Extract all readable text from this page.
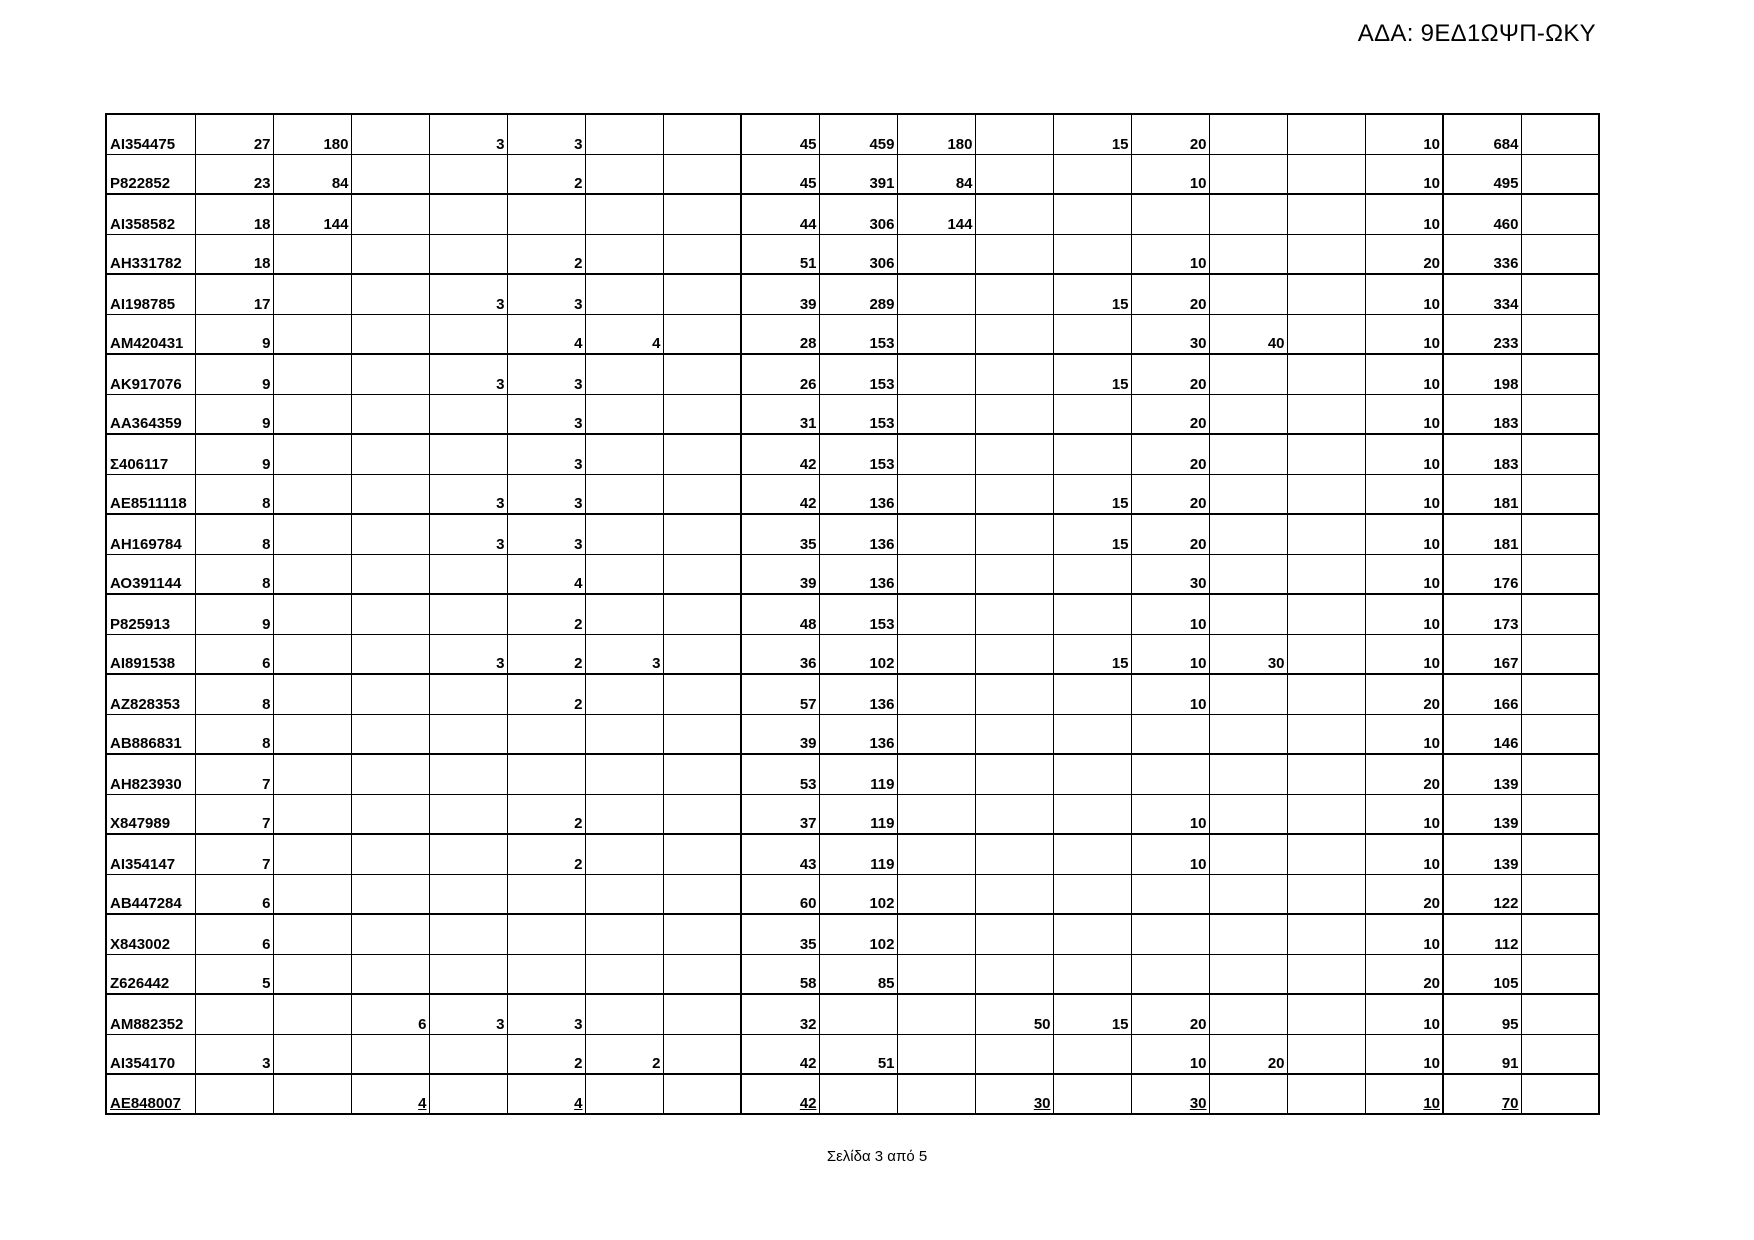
ΑΔΑ: 9ΕΔ1ΩΨΠ-ΩΚΥ
ΑΙ354475	27	180		3	3			45	459	180		15	20			10	684	
Ρ822852	23	84			2			45	391	84			10			10	495	
ΑΙ358582	18	144						44	306	144						10	460	
ΑΗ331782	18				2			51	306				10			20	336	
ΑΙ198785	17			3	3			39	289			15	20			10	334	
ΑΜ420431	9				4	4		28	153				30	40		10	233	
ΑΚ917076	9			3	3			26	153			15	20			10	198	
ΑΑ364359	9				3			31	153				20			10	183	
Σ406117	9				3			42	153				20			10	183	
ΑΕ8511118	8			3	3			42	136			15	20			10	181	
ΑΗ169784	8			3	3			35	136			15	20			10	181	
ΑΟ391144	8				4			39	136				30			10	176	
Ρ825913	9				2			48	153				10			10	173	
ΑΙ891538	6			3	2	3		36	102			15	10	30		10	167	
ΑΖ828353	8				2			57	136				10			20	166	
ΑΒ886831	8							39	136							10	146	
ΑΗ823930	7							53	119							20	139	
Χ847989	7				2			37	119				10			10	139	
ΑΙ354147	7				2			43	119				10			10	139	
ΑΒ447284	6							60	102							20	122	
Χ843002	6							35	102							10	112	
Ζ626442	5							58	85							20	105	
ΑΜ882352			6	3	3			32			50	15	20			10	95	
ΑΙ354170	3				2	2		42	51				10	20		10	91	
ΑΕ848007			4		4			42			30		30			10	70	
Σελίδα 3 από 5
